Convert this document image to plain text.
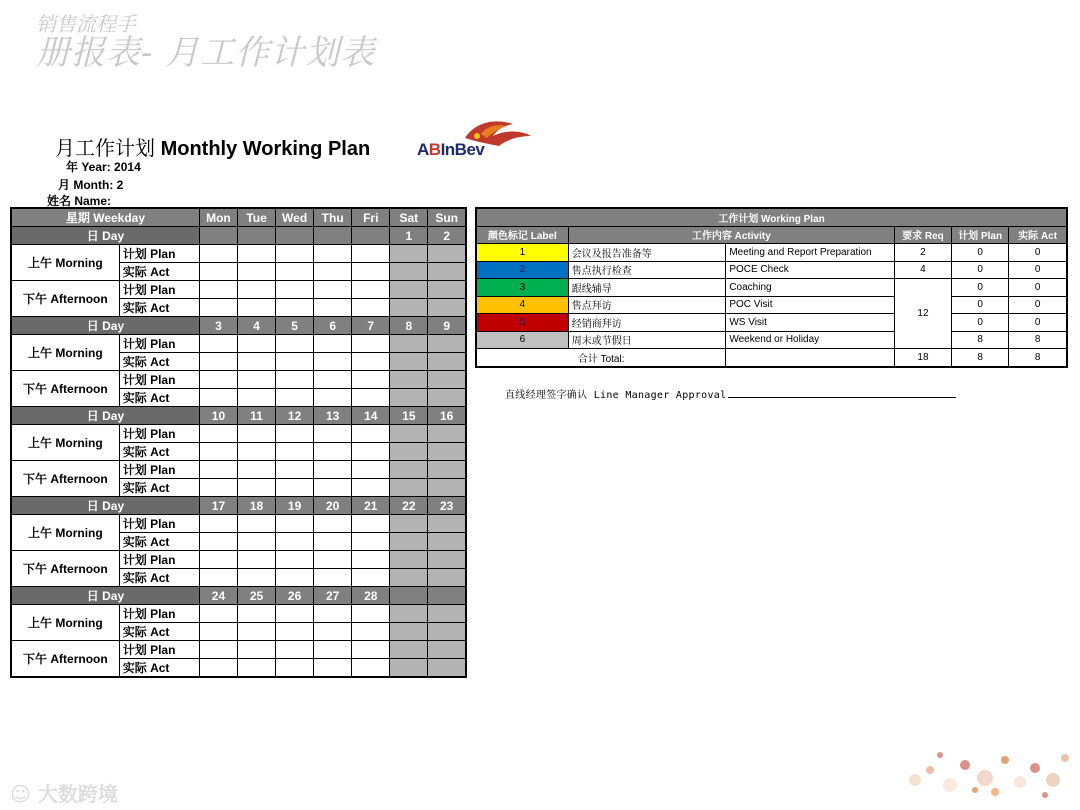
销售流程手
册报表- 月工作计划表
月工作计划 Monthly Working Plan
年 Year: 2014
月 Month: 2
姓名 Name:
ABInBev
星期 Weekday		Mon	Tue	Wed	Thu	Fri	Sat	Sun
日 Day							1	2
上午 Morning	计划 Plan							
	实际 Act							
下午 Afternoon	计划 Plan							
	实际 Act							
日 Day		3	4	5	6	7	8	9
上午 Morning	计划 Plan							
	实际 Act							
下午 Afternoon	计划 Plan							
	实际 Act							
日 Day		10	11	12	13	14	15	16
上午 Morning	计划 Plan							
	实际 Act							
下午 Afternoon	计划 Plan							
	实际 Act							
日 Day		17	18	19	20	21	22	23
上午 Morning	计划 Plan							
	实际 Act							
下午 Afternoon	计划 Plan							
	实际 Act							
日 Day		24	25	26	27	28		
上午 Morning	计划 Plan							
	实际 Act							
下午 Afternoon	计划 Plan							
	实际 Act							
工作计划 Working Plan					
颜色标记 Label	工作内容 Activity		要求 Req	计划 Plan	实际 Act
1	会议及报告准备等	Meeting and Report Preparation	2	0	0
2	售点执行检查	POCE Check	4	0	0
3	跟线辅导	Coaching	12	0	0
4	售点拜访	POC Visit		0	0
5	经销商拜访	WS Visit		0	0
6	周末或节假日	Weekend or Holiday		8	8
合计 Total:			18	8	8
直线经理签字确认 Line Manager Approval
☺ 大数跨境
